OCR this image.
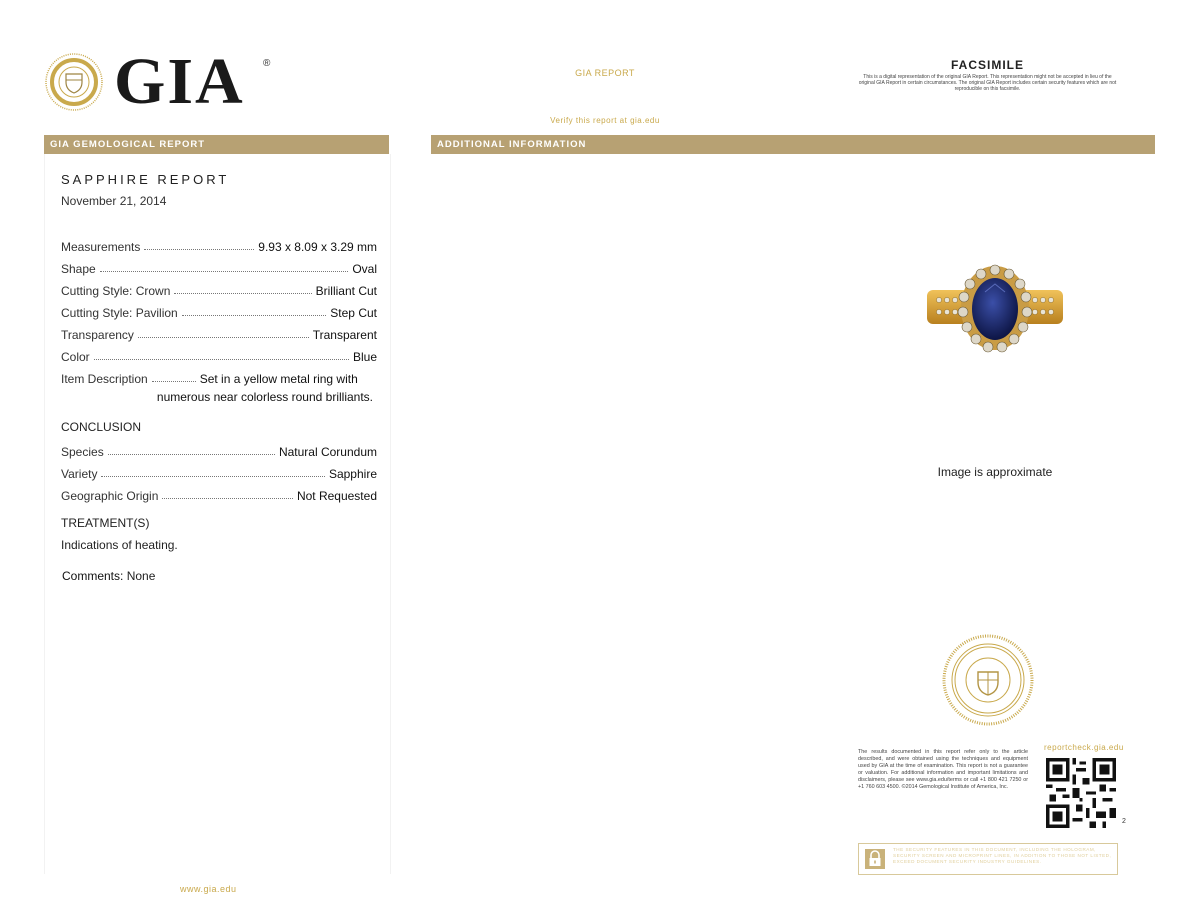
GIA ®
GIA REPORT
Verify this report at gia.edu
FACSIMILE
This is a digital representation of the original GIA Report. This representation might not be accepted in lieu of the original GIA Report in certain circumstances. The original GIA Report includes certain security features which are not reproducible on this facsimile.
GIA GEMOLOGICAL REPORT	ADDITIONAL INFORMATION
SAPPHIRE REPORT
November 21, 2014
Measurements	9.93 x 8.09 x 3.29 mm
Shape	Oval
Cutting Style: Crown	Brilliant Cut
Cutting Style: Pavilion	Step Cut
Transparency	Transparent
Color	Blue
Item Description	Set in a yellow metal ring with
numerous near colorless round brilliants.
CONCLUSION
Species	Natural Corundum
Variety	Sapphire
Geographic Origin	Not Requested
TREATMENT(S)
Indications of heating.
Comments: None
www.gia.edu
Image is approximate
The results documented in this report refer only to the article described, and were obtained using the techniques and equipment used by GIA at the time of examination. This report is not a guarantee or valuation. For additional information and important limitations and disclaimers, please see www.gia.edu/terms or call +1 800 421 7250 or +1 760 603 4500. ©2014 Gemological Institute of America, Inc.
reportcheck.gia.edu
2
THE SECURITY FEATURES IN THIS DOCUMENT, INCLUDING THE HOLOGRAM, SECURITY SCREEN AND MICROPRINT LINES, IN ADDITION TO THOSE NOT LISTED, EXCEED DOCUMENT SECURITY INDUSTRY GUIDELINES.
